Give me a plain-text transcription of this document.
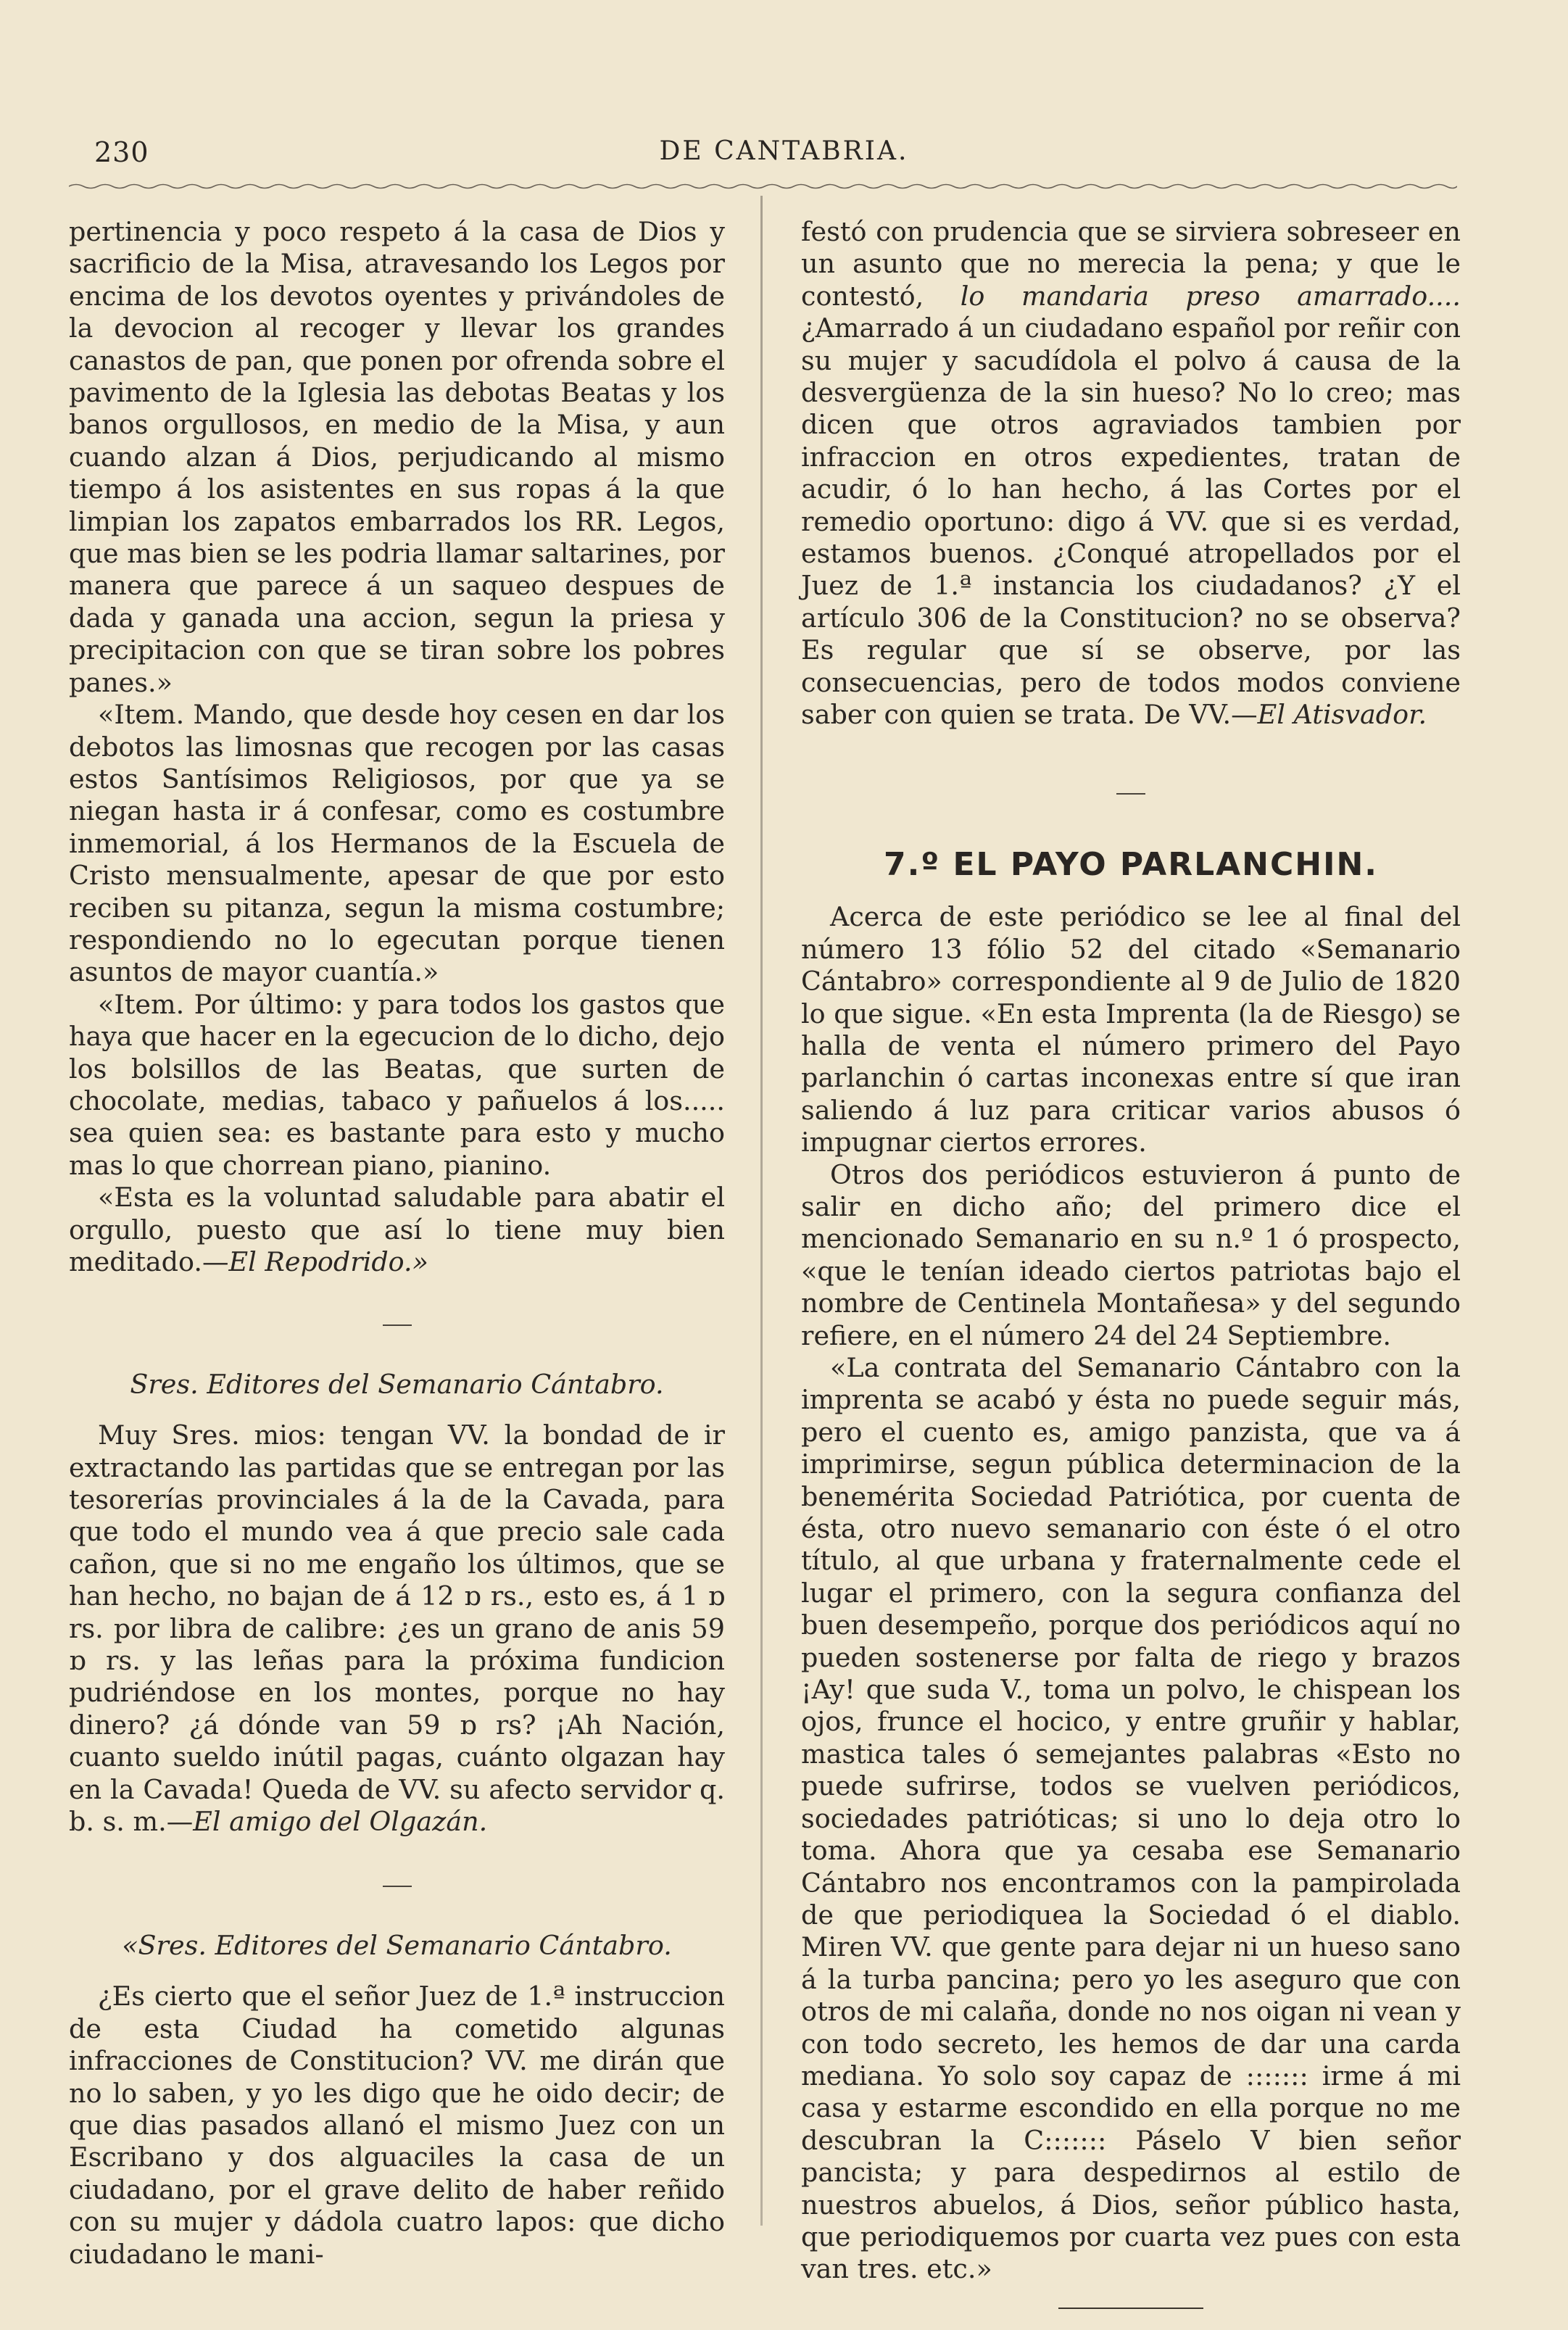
230	DE CANTABRIA.

pertinencia y poco respeto á la casa de Dios y sacrificio de la Misa, atravesando los Legos por encima de los devotos oyentes y privándoles de la devocion al recoger y llevar los grandes canastos de pan, que ponen por ofrenda sobre el pavimento de la Iglesia las debotas Beatas y los banos orgullosos, en medio de la Misa, y aun cuando alzan á Dios, perjudicando al mismo tiempo á los asistentes en sus ropas á la que limpian los zapatos embarrados los RR. Legos, que mas bien se les podria llamar saltarines, por manera que parece á un saqueo despues de dada y ganada una accion, segun la priesa y precipitacion con que se tiran sobre los pobres panes.»

«Item. Mando, que desde hoy cesen en dar los debotos las limosnas que recogen por las casas estos Santísimos Religiosos, por que ya se niegan hasta ir á confesar, como es costumbre inmemorial, á los Hermanos de la Escuela de Cristo mensualmente, apesar de que por esto reciben su pitanza, segun la misma costumbre; respondiendo no lo egecutan porque tienen asuntos de mayor cuantía.»

«Item. Por último: y para todos los gastos que haya que hacer en la egecucion de lo dicho, dejo los bolsillos de las Beatas, que surten de chocolate, medias, tabaco y pañuelos á los..... sea quien sea: es bastante para esto y mucho mas lo que chorrean piano, pianino.

«Esta es la voluntad saludable para abatir el orgullo, puesto que así lo tiene muy bien meditado.—El Repodrido.»

Sres. Editores del Semanario Cántabro.

Muy Sres. mios: tengan VV. la bondad de ir extractando las partidas que se entregan por las tesorerías provinciales á la de la Cavada, para que todo el mundo vea á que precio sale cada cañon, que si no me engaño los últimos, que se han hecho, no bajan de á 12 ɒ rs., esto es, á 1 ɒ rs. por libra de calibre: ¿es un grano de anis 59 ɒ rs. y las leñas para la próxima fundicion pudriéndose en los montes, porque no hay dinero? ¿á dónde van 59 ɒ rs? ¡Ah Nación, cuanto sueldo inútil pagas, cuánto olgazan hay en la Cavada! Queda de VV. su afecto servidor q. b. s. m.—El amigo del Olgazán.

«Sres. Editores del Semanario Cántabro.

¿Es cierto que el señor Juez de 1.ª instruccion de esta Ciudad ha cometido algunas infracciones de Constitucion? VV. me dirán que no lo saben, y yo les digo que he oido decir; de que dias pasados allanó el mismo Juez con un Escribano y dos alguaciles la casa de un ciudadano, por el grave delito de haber reñido con su mujer y dádola cuatro lapos: que dicho ciudadano le mani-

festó con prudencia que se sirviera sobreseer en un asunto que no merecia la pena; y que le contestó, lo mandaria preso amarrado.... ¿Amarrado á un ciudadano español por reñir con su mujer y sacudídola el polvo á causa de la desvergüenza de la sin hueso? No lo creo; mas dicen que otros agraviados tambien por infraccion en otros expedientes, tratan de acudir, ó lo han hecho, á las Cortes por el remedio oportuno: digo á VV. que si es verdad, estamos buenos. ¿Conqué atropellados por el Juez de 1.ª instancia los ciudadanos? ¿Y el artículo 306 de la Constitucion? no se observa? Es regular que sí se observe, por las consecuencias, pero de todos modos conviene saber con quien se trata. De VV.—El Atisvador.

7.º EL PAYO PARLANCHIN.

Acerca de este periódico se lee al final del número 13 fólio 52 del citado «Semanario Cántabro» correspondiente al 9 de Julio de 1820 lo que sigue. «En esta Imprenta (la de Riesgo) se halla de venta el número primero del Payo parlanchin ó cartas inconexas entre sí que iran saliendo á luz para criticar varios abusos ó impugnar ciertos errores.

Otros dos periódicos estuvieron á punto de salir en dicho año; del primero dice el mencionado Semanario en su n.º 1 ó prospecto, «que le tenían ideado ciertos patriotas bajo el nombre de Centinela Montañesa» y del segundo refiere, en el número 24 del 24 Septiembre.

«La contrata del Semanario Cántabro con la imprenta se acabó y ésta no puede seguir más, pero el cuento es, amigo panzista, que va á imprimirse, segun pública determinacion de la benemérita Sociedad Patriótica, por cuenta de ésta, otro nuevo semanario con éste ó el otro título, al que urbana y fraternalmente cede el lugar el primero, con la segura confianza del buen desempeño, porque dos periódicos aquí no pueden sostenerse por falta de riego y brazos ¡Ay! que suda V., toma un polvo, le chispean los ojos, frunce el hocico, y entre gruñir y hablar, mastica tales ó semejantes palabras «Esto no puede sufrirse, todos se vuelven periódicos, sociedades patrióticas; si uno lo deja otro lo toma. Ahora que ya cesaba ese Semanario Cántabro nos encontramos con la pampirolada de que periodiquea la Sociedad ó el diablo. Miren VV. que gente para dejar ni un hueso sano á la turba pancina; pero yo les aseguro que con otros de mi calaña, donde no nos oigan ni vean y con todo secreto, les hemos de dar una carda mediana. Yo solo soy capaz de ::::::: irme á mi casa y estarme escondido en ella porque no me descubran la C::::::: Páselo V bien señor pancista; y para despedirnos al estilo de nuestros abuelos, á Dios, señor público hasta, que periodiquemos por cuarta vez pues con esta van tres. etc.»
